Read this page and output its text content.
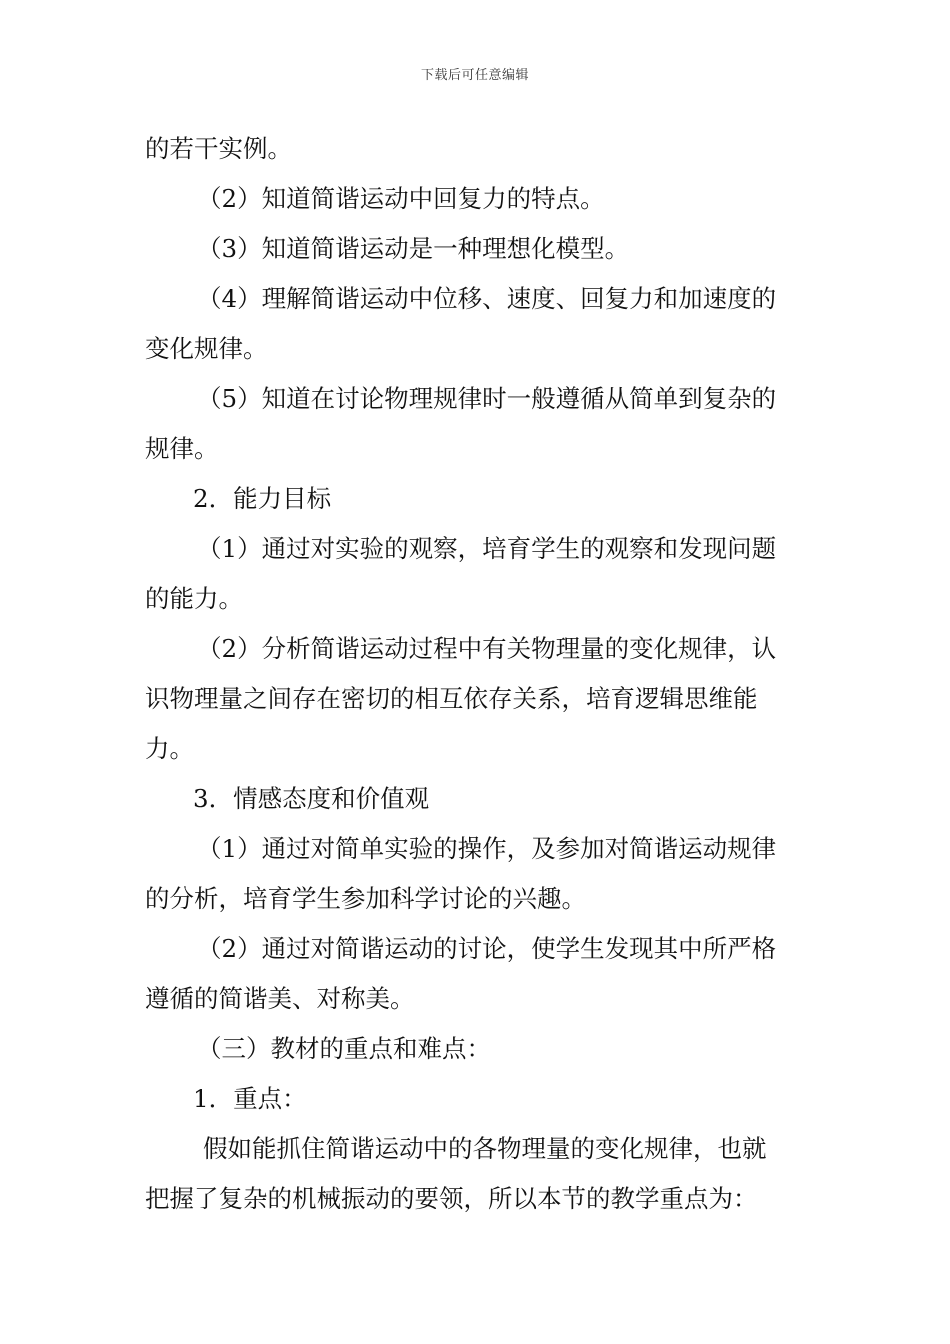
下载后可任意编辑
的若干实例。
（2）知道简谐运动中回复力的特点。
（3）知道简谐运动是一种理想化模型。
（4）理解简谐运动中位移、速度、回复力和加速度的
变化规律。
（5）知道在讨论物理规律时一般遵循从简单到复杂的
规律。
2．能力目标
（1）通过对实验的观察，培育学生的观察和发现问题
的能力。
（2）分析简谐运动过程中有关物理量的变化规律，认
识物理量之间存在密切的相互依存关系，培育逻辑思维能
力。
3．情感态度和价值观
（1）通过对简单实验的操作，及参加对简谐运动规律
的分析，培育学生参加科学讨论的兴趣。
（2）通过对简谐运动的讨论，使学生发现其中所严格
遵循的简谐美、对称美。
（三）教材的重点和难点：
1．重点：
假如能抓住简谐运动中的各物理量的变化规律，也就
把握了复杂的机械振动的要领，所以本节的教学重点为：
